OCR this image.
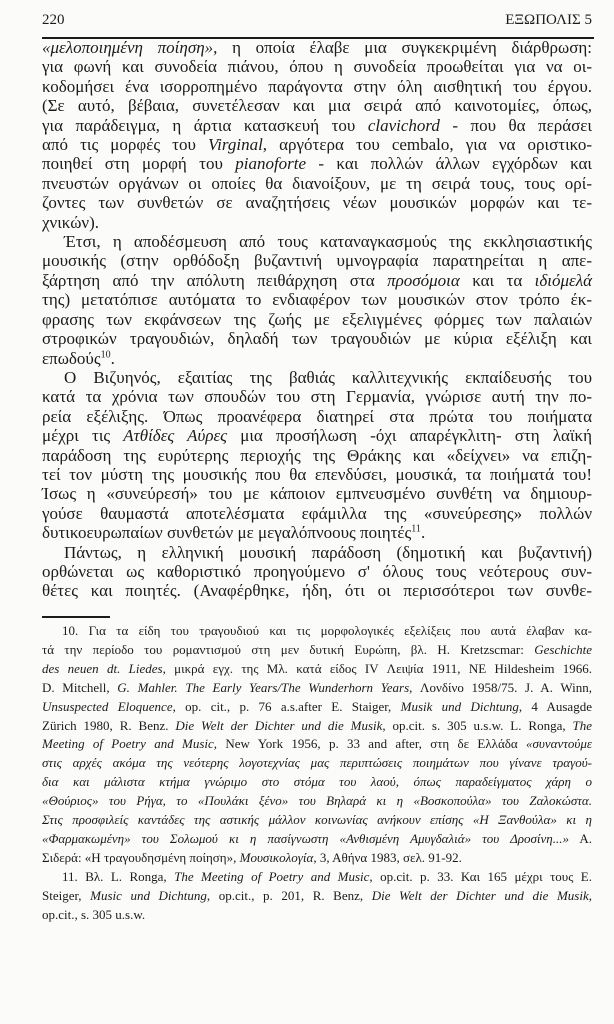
220	ΕΞΩΠΟΛΙΣ 5
«μελοποιημένη ποίηση», η οποία έλαβε μια συγκεκριμένη διάρθρωση:
για φωνή και συνοδεία πιάνου, όπου η συνοδεία προωθείται για να οι-
κοδομήσει ένα ισορροπημένο παράγοντα στην όλη αισθητική του έργου.
(Σε αυτό, βέβαια, συνετέλεσαν και μια σειρά από καινοτομίες, όπως,
για παράδειγμα, η άρτια κατασκευή του clavichord - που θα περάσει
από τις μορφές του Virginal, αργότερα του cembalo, για να οριστικο-
ποιηθεί στη μορφή του pianoforte - και πολλών άλλων εγχόρδων και
πνευστών οργάνων οι οποίες θα διανοίξουν, με τη σειρά τους, τους ορί-
ζοντες των συνθετών σε αναζητήσεις νέων μουσικών μορφών και τε-
χνικών).
Έτσι, η αποδέσμευση από τους καταναγκασμούς της εκκλησιαστικής
μουσικής (στην ορθόδοξη βυζαντινή υμνογραφία παρατηρείται η απε-
ξάρτηση από την απόλυτη πειθάρχηση στα προσόμοια και τα ιδιόμελά
της) μετατόπισε αυτόματα το ενδιαφέρον των μουσικών στον τρόπο έκ-
φρασης των εκφάνσεων της ζωής με εξελιγμένες φόρμες των παλαιών
στροφικών τραγουδιών, δηλαδή των τραγουδιών με κύρια εξέλιξη και
επωδούς$^{10}$.
Ο Βιζυηνός, εξαιτίας της βαθιάς καλλιτεχνικής εκπαίδευσής του
κατά τα χρόνια των σπουδών του στη Γερμανία, γνώρισε αυτή την πο-
ρεία εξέλιξης. Όπως προανέφερα διατηρεί στα πρώτα του ποιήματα
μέχρι τις Ατθίδες Αύρες μια προσήλωση -όχι απαρέγκλιτη- στη λαϊκή
παράδοση της ευρύτερης περιοχής της Θράκης και «δείχνει» να επιζη-
τεί τον μύστη της μουσικής που θα επενδύσει, μουσικά, τα ποιήματά του!
Ίσως η «συνεύρεσή» του με κάποιον εμπνευσμένο συνθέτη να δημιουρ-
γούσε θαυμαστά αποτελέσματα εφάμιλλα της «συνεύρεσης» πολλών
δυτικοευρωπαίων συνθετών με μεγαλόπνοους ποιητές$^{11}$.
Πάντως, η ελληνική μουσική παράδοση (δημοτική και βυζαντινή)
ορθώνεται ως καθοριστικό προηγούμενο σ' όλους τους νεότερους συν-
θέτες και ποιητές. (Αναφέρθηκε, ήδη, ότι οι περισσότεροι των συνθε-
10. Για τα είδη του τραγουδιού και τις μορφολογικές εξελίξεις που αυτά έλαβαν κα-
τά την περίοδο του ρομαντισμού στη μεν δυτική Ευρώπη, βλ. H. Kretzscmar: Geschichte
des neuen dt. Liedes, μικρά εγχ. της Μλ. κατά είδος IV Λειψία 1911, NE Hildesheim 1966.
D. Mitchell, G. Mahler. The Early Years/The Wunderhorn Years, Λονδίνο 1958/75. J. A. Winn,
Unsuspected Eloquence, op. cit., p. 76 a.s.after E. Staiger, Musik und Dichtung, 4 Ausagde
Zürich 1980, R. Benz. Die Welt der Dichter und die Musik, op.cit. s. 305 u.s.w. L. Ronga, The
Meeting of Poetry and Music, New York 1956, p. 33 and after, στη δε Ελλάδα «συναντούμε
στις αρχές ακόμα της νεότερης λογοτεχνίας μας περιπτώσεις ποιημάτων που γίνανε τραγού-
δια και μάλιστα κτήμα γνώριμο στο στόμα του λαού, όπως παραδείγματος χάρη ο
«Θούριος» του Ρήγα, το «Πουλάκι ξένο» του Βηλαρά κι η «Βοσκοπούλα» του Ζαλοκώστα.
Στις προσφιλείς καντάδες της αστικής μάλλον κοινωνίας ανήκουν επίσης «Η Ξανθούλα» κι η
«Φαρμακωμένη» του Σολωμού κι η πασίγνωστη «Ανθισμένη Αμυγδαλιά» του Δροσίνη...» Α.
Σιδερά: «Η τραγουδησμένη ποίηση», Μουσικολογία, 3, Αθήνα 1983, σελ. 91-92.
11. Βλ. L. Ronga, The Meeting of Poetry and Music, op.cit. p. 33. Και 165 μέχρι τους Ε.
Steiger, Music und Dichtung, op.cit., p. 201, R. Benz, Die Welt der Dichter und die Musik,
op.cit., s. 305 u.s.w.
